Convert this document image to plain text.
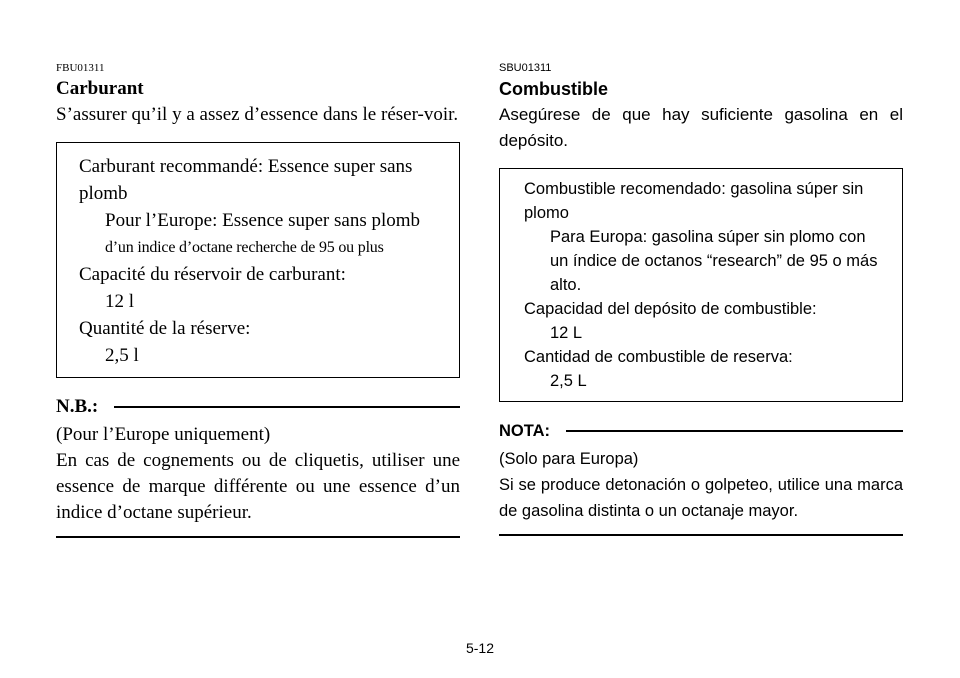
FBU01311
Carburant
S’assurer qu’il y a assez d’essence dans le réser-voir.
Carburant recommandé: Essence super sans plomb
Pour l’Europe: Essence super sans plomb
d’un indice d’octane recherche de 95 ou plus
Capacité du réservoir de carburant:
12 l
Quantité de la réserve:
2,5 l
N.B.:
(Pour l’Europe uniquement)
En cas de cognements ou de cliquetis, utiliser une essence de marque différente ou une essence d’un indice d’octane supérieur.
SBU01311
Combustible
Asegúrese de que hay suficiente gasolina en el depósito.
Combustible recomendado: gasolina súper sin plomo
Para Europa: gasolina súper sin plomo con un índice de octanos “research” de 95 o más alto.
Capacidad del depósito de combustible:
12 L
Cantidad de combustible de reserva:
2,5 L
NOTA:
(Solo para Europa)
Si se produce detonación o golpeteo, utilice una marca de gasolina distinta o un octanaje mayor.
5-12
